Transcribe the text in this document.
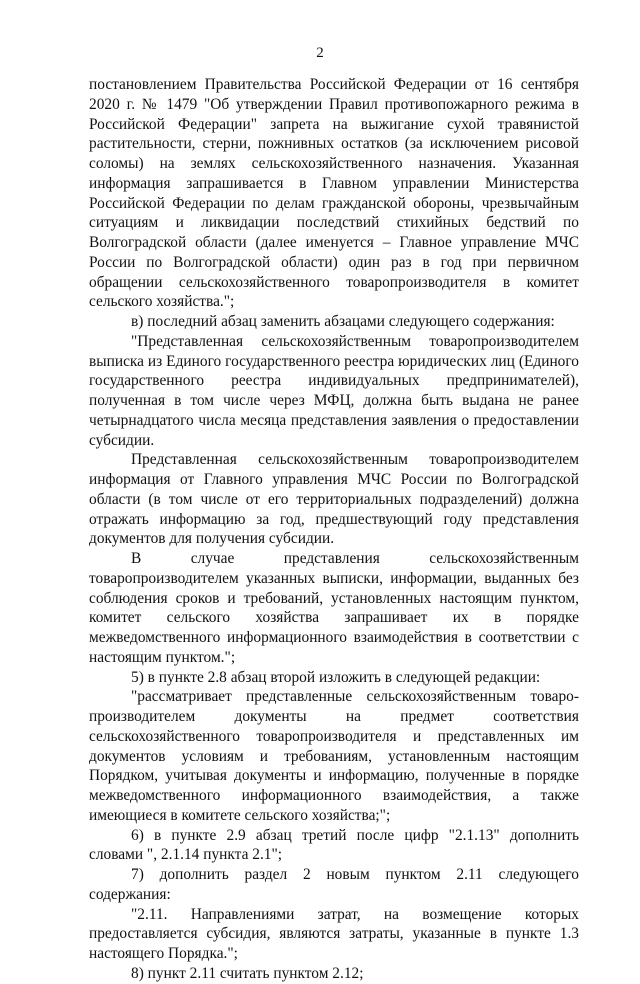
2

постановлением Правительства Российской Федерации от 16 сентября 2020 г. № 1479 "Об утверждении Правил противопожарного режима в Российской Федерации" запрета на выжигание сухой травянистой растительности, стерни, пожнивных остатков (за исключением рисовой соломы) на землях сельскохозяйственного назначения. Указанная информация запрашивается в Главном управлении Министерства Российской Федерации по делам гражданской обороны, чрезвычайным ситуациям и ликвидации последствий стихийных бедствий по Волгоградской области (далее именуется – Главное управление МЧС России по Волгоградской области) один раз в год при первичном обращении сельскохозяйственного товаропроизводителя в комитет сельского хозяйства.";

в) последний абзац заменить абзацами следующего содержания:

"Представленная сельскохозяйственным товаропроизводителем выписка из Единого государственного реестра юридических лиц (Единого государственного реестра индивидуальных предпринимателей), полученная в том числе через МФЦ, должна быть выдана не ранее четырнадцатого числа месяца представления заявления о предоставлении субсидии.

Представленная сельскохозяйственным товаропроизводителем информация от Главного управления МЧС России по Волгоградской области (в том числе от его территориальных подразделений) должна отражать информацию за год, предшествующий году представления документов для получения субсидии.

В случае представления сельскохозяйственным товаропроизводителем указанных выписки, информации, выданных без соблюдения сроков и требований, установленных настоящим пунктом, комитет сельского хозяйства запрашивает их в порядке межведомственного информационного взаимодействия в соответствии с настоящим пунктом.";

5) в пункте 2.8 абзац второй изложить в следующей редакции:

"рассматривает представленные сельскохозяйственным товаро-производителем документы на предмет соответствия сельскохозяйственного товаропроизводителя и представленных им документов условиям и требованиям, установленным настоящим Порядком, учитывая документы и информацию, полученные в порядке межведомственного информационного взаимодействия, а также имеющиеся в комитете сельского хозяйства;";

6) в пункте 2.9 абзац третий после цифр "2.1.13" дополнить словами ", 2.1.14 пункта 2.1";

7) дополнить раздел 2 новым пунктом 2.11 следующего содержания:

"2.11. Направлениями затрат, на возмещение которых предоставляется субсидия, являются затраты, указанные в пункте 1.3 настоящего Порядка.";

8) пункт 2.11 считать пунктом 2.12;
